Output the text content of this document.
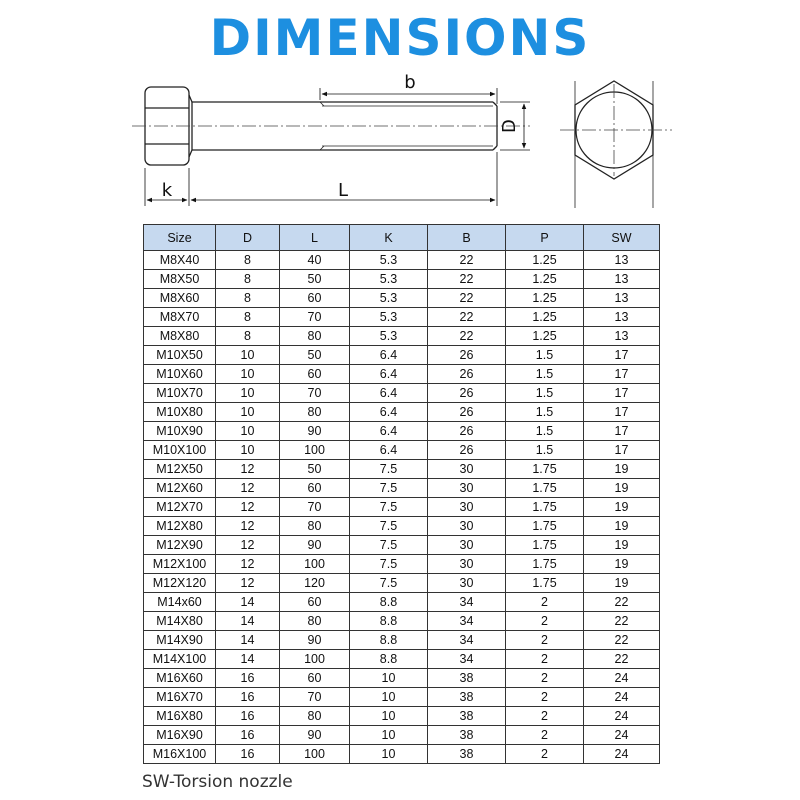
DIMENSIONS
b
D
k	L
Size	D	L	K	B	P	SW
M8X40	8	40	5.3	22	1.25	13
M8X50	8	50	5.3	22	1.25	13
M8X60	8	60	5.3	22	1.25	13
M8X70	8	70	5.3	22	1.25	13
M8X80	8	80	5.3	22	1.25	13
M10X50	10	50	6.4	26	1.5	17
M10X60	10	60	6.4	26	1.5	17
M10X70	10	70	6.4	26	1.5	17
M10X80	10	80	6.4	26	1.5	17
M10X90	10	90	6.4	26	1.5	17
M10X100	10	100	6.4	26	1.5	17
M12X50	12	50	7.5	30	1.75	19
M12X60	12	60	7.5	30	1.75	19
M12X70	12	70	7.5	30	1.75	19
M12X80	12	80	7.5	30	1.75	19
M12X90	12	90	7.5	30	1.75	19
M12X100	12	100	7.5	30	1.75	19
M12X120	12	120	7.5	30	1.75	19
M14x60	14	60	8.8	34	2	22
M14X80	14	80	8.8	34	2	22
M14X90	14	90	8.8	34	2	22
M14X100	14	100	8.8	34	2	22
M16X60	16	60	10	38	2	24
M16X70	16	70	10	38	2	24
M16X80	16	80	10	38	2	24
M16X90	16	90	10	38	2	24
M16X100	16	100	10	38	2	24
SW-Torsion nozzle
